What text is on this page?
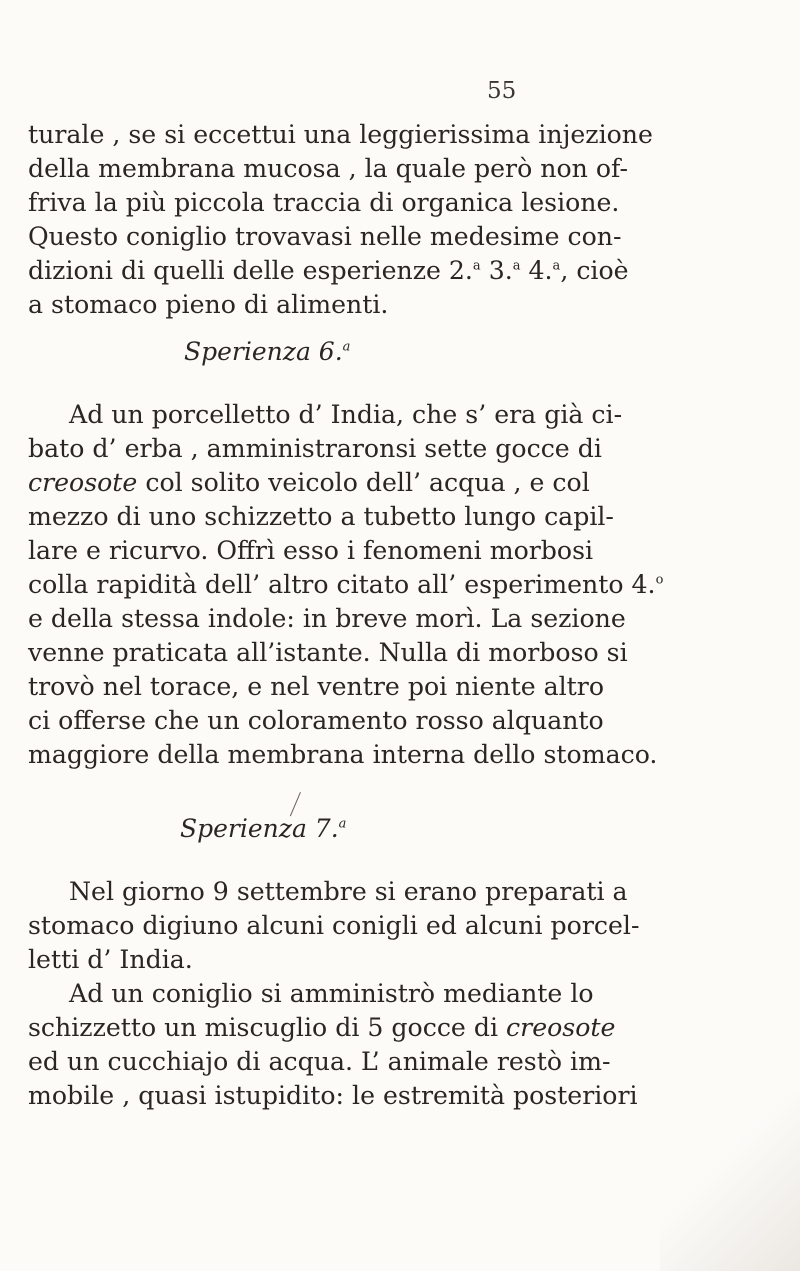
55
turale , se si eccettui una leggierissima injezione
della membrana mucosa , la quale però non of-
friva la più piccola traccia di organica lesione.
Questo coniglio trovavasi nelle medesime con-
dizioni di quelli delle esperienze 2.$^a$ 3.$^a$ 4.$^a$, cioè
a stomaco pieno di alimenti.
Sperienza 6.$^a$
Ad un porcelletto d’ India, che s’ era già ci-
bato d’ erba , amministraronsi sette gocce di
creosote col solito veicolo dell’ acqua , e col
mezzo di uno schizzetto a tubetto lungo capil-
lare e ricurvo. Offrì esso i fenomeni morbosi
colla rapidità dell’ altro citato all’ esperimento 4.$^o$
e della stessa indole: in breve morì. La sezione
venne praticata all’istante. Nulla di morboso si
trovò nel torace, e nel ventre poi niente altro
ci offerse che un coloramento rosso alquanto
maggiore della membrana interna dello stomaco.
Sperienza 7.$^a$
Nel giorno 9 settembre si erano preparati a
stomaco digiuno alcuni conigli ed alcuni porcel-
letti d’ India.
Ad un coniglio si amministrò mediante lo
schizzetto un miscuglio di 5 gocce di creosote
ed un cucchiajo di acqua. L’ animale restò im-
mobile , quasi istupidito: le estremità posteriori
